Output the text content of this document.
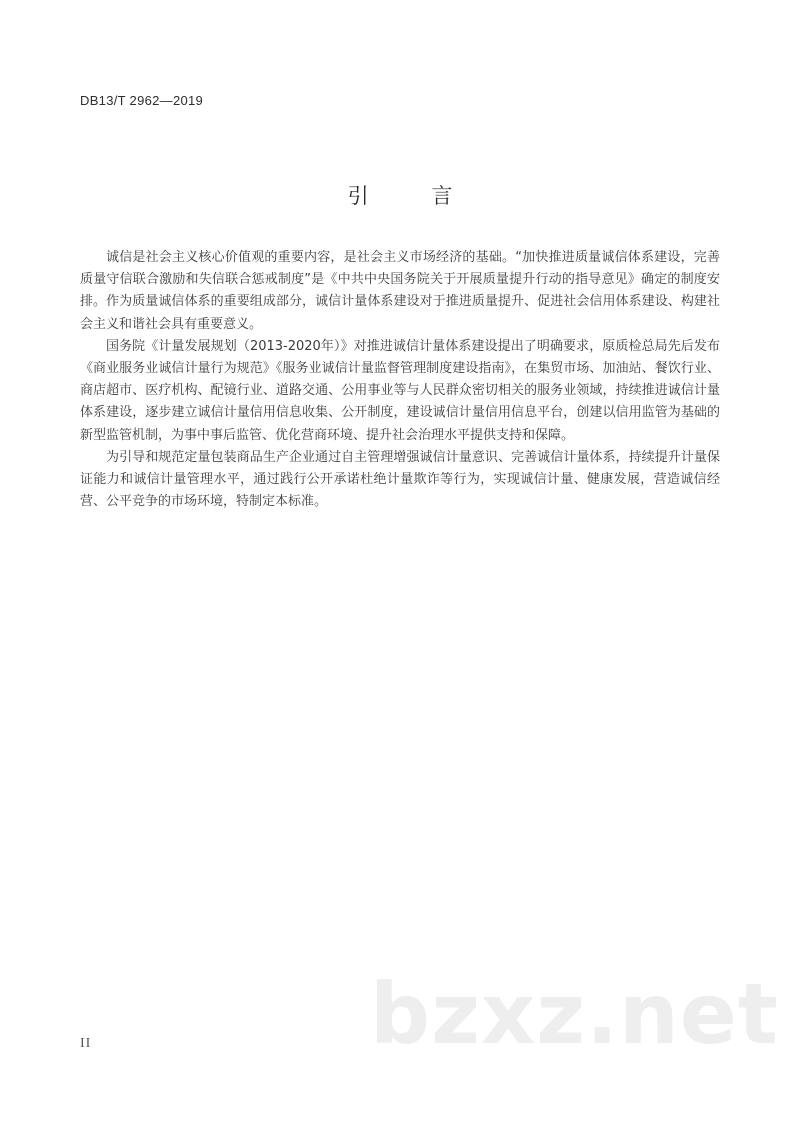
DB13/T 2962—2019
引 言

诚信是社会主义核心价值观的重要内容，是社会主义市场经济的基础。“加快推进质量诚信体系建设，完善质量守信联合激励和失信联合惩戒制度”是《中共中央国务院关于开展质量提升行动的指导意见》确定的制度安排。作为质量诚信体系的重要组成部分，诚信计量体系建设对于推进质量提升、促进社会信用体系建设、构建社会主义和谐社会具有重要意义。

国务院《计量发展规划（2013-2020年）》对推进诚信计量体系建设提出了明确要求，原质检总局先后发布《商业服务业诚信计量行为规范》《服务业诚信计量监督管理制度建设指南》，在集贸市场、加油站、餐饮行业、商店超市、医疗机构、配镜行业、道路交通、公用事业等与人民群众密切相关的服务业领域，持续推进诚信计量体系建设，逐步建立诚信计量信用信息收集、公开制度，建设诚信计量信用信息平台，创建以信用监管为基础的新型监管机制，为事中事后监管、优化营商环境、提升社会治理水平提供支持和保障。

为引导和规范定量包装商品生产企业通过自主管理增强诚信计量意识、完善诚信计量体系，持续提升计量保证能力和诚信计量管理水平，通过践行公开承诺杜绝计量欺诈等行为，实现诚信计量、健康发展，营造诚信经营、公平竞争的市场环境，特制定本标准。

bzxz.net
II
